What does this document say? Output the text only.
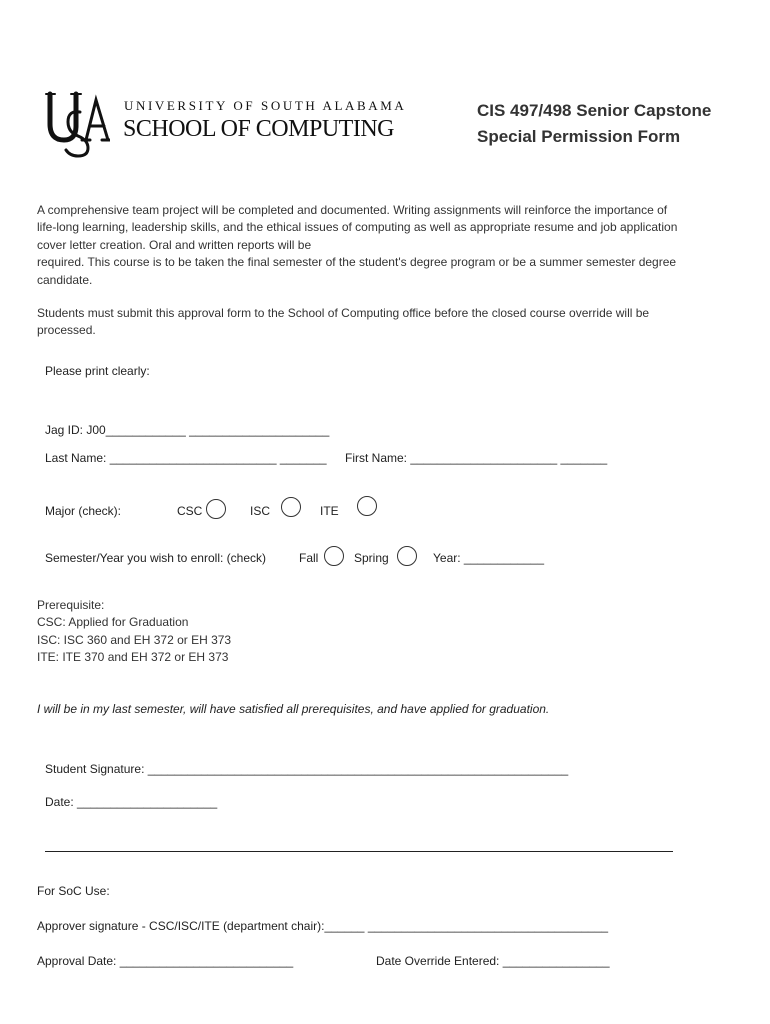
UNIVERSITY OF SOUTH ALABAMA
SCHOOL OF COMPUTING
CIS 497/498 Senior Capstone
Special Permission Form
A comprehensive team project will be completed and documented. Writing assignments will reinforce the importance of
life-long learning, leadership skills, and the ethical issues of computing as well as appropriate resume and job application
cover letter creation. Oral and written reports will be
required. This course is to be taken the final semester of the student's degree program or be a summer semester degree
candidate.
Students must submit this approval form to the School of Computing office before the closed course override will be
processed.
Please print clearly:
Jag ID: J00____________ _____________________
Last Name: _________________________ _______ First Name: ______________________ _______
Major (check):	CSC	ISC	ITE
Semester/Year you wish to enroll: (check)	Fall	Spring	Year: ____________
Prerequisite:
CSC: Applied for Graduation
ISC: ISC 360 and EH 372 or EH 373
ITE: ITE 370 and EH 372 or EH 373
I will be in my last semester, will have satisfied all prerequisites, and have applied for graduation.
Student Signature: _______________________________________________________________
Date: _____________________
For SoC Use:
Approver signature - CSC/ISC/ITE (department chair):______ ____________________________________
Approval Date: __________________________	Date Override Entered: ________________
